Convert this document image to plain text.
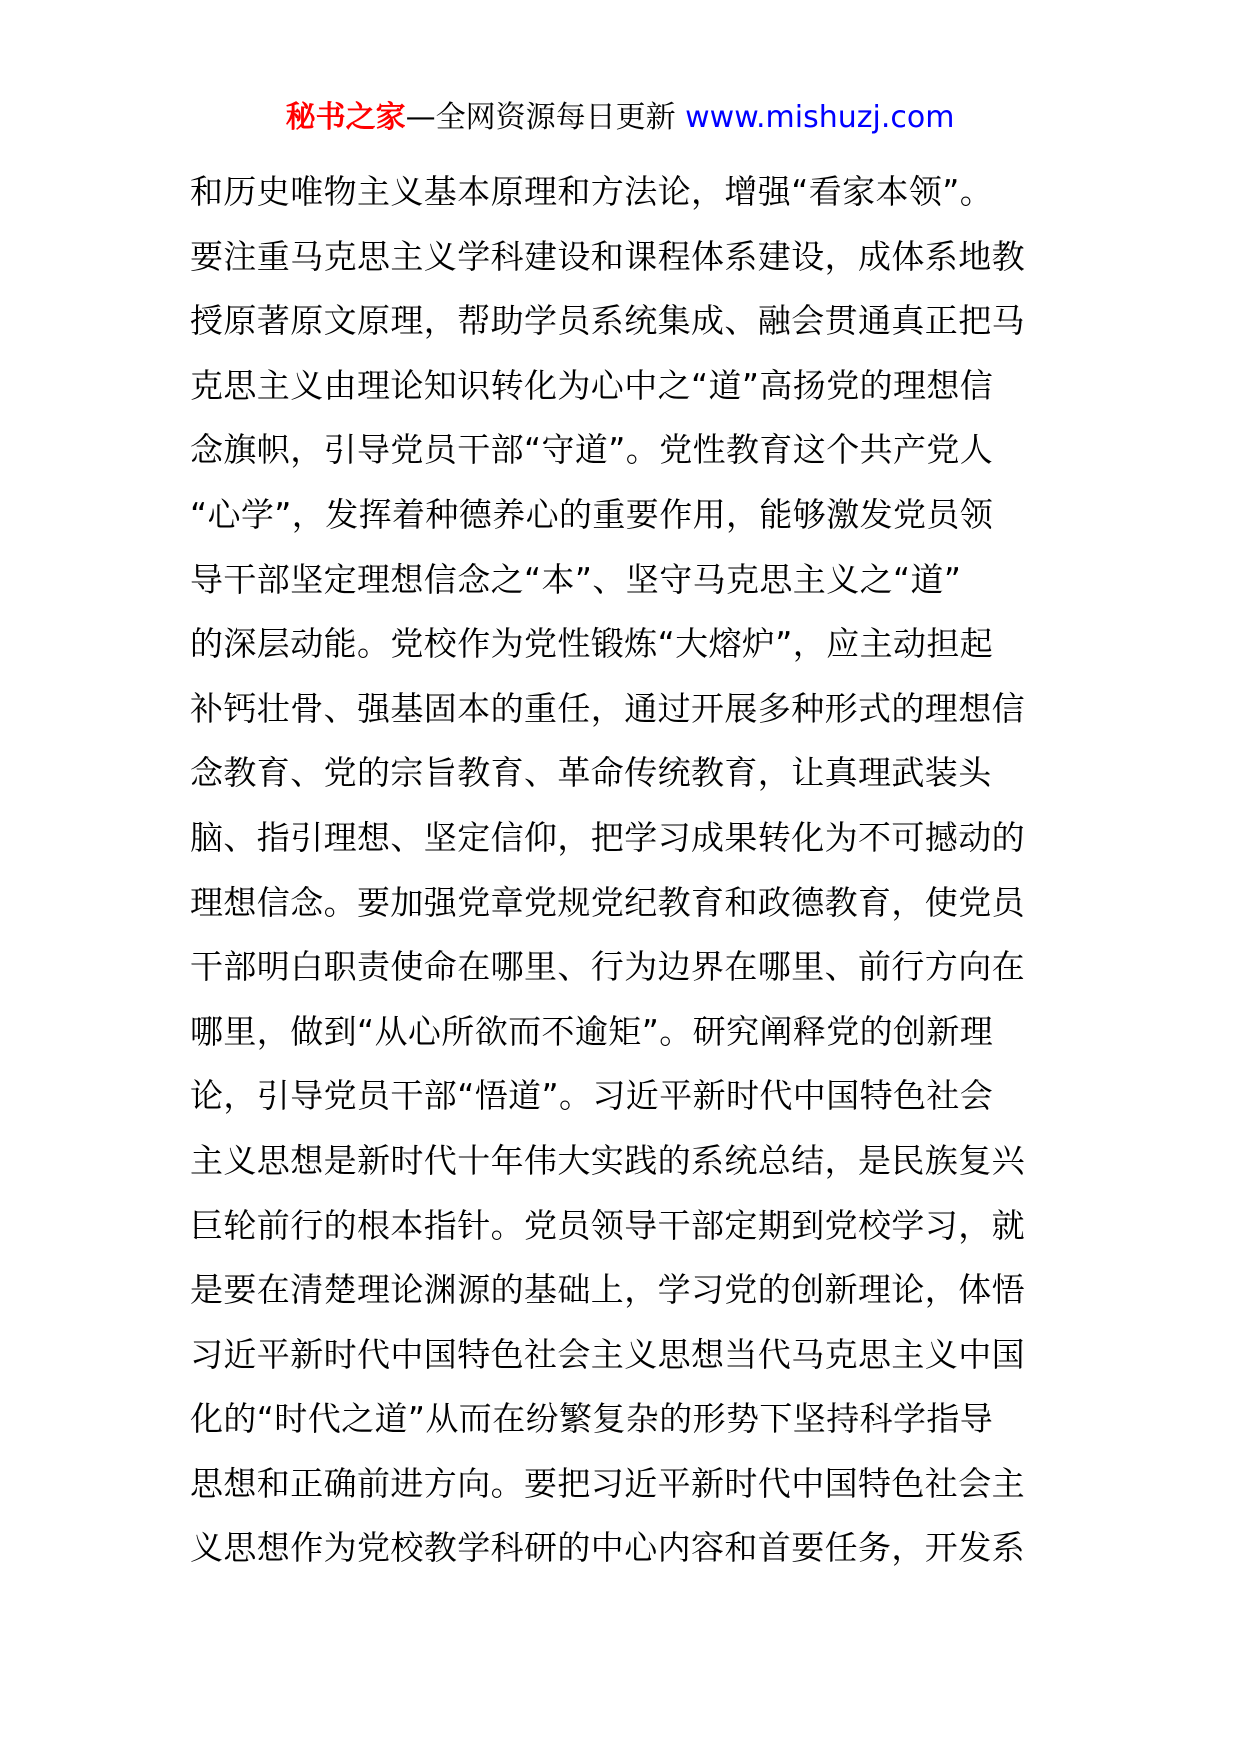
秘书之家—全网资源每日更新 www.mishuzj.com
和历史唯物主义基本原理和方法论，增强“看家本领”。
要注重马克思主义学科建设和课程体系建设，成体系地教
授原著原文原理，帮助学员系统集成、融会贯通真正把马
克思主义由理论知识转化为心中之“道”高扬党的理想信
念旗帜，引导党员干部“守道”。党性教育这个共产党人
“心学”，发挥着种德养心的重要作用，能够激发党员领
导干部坚定理想信念之“本”、坚守马克思主义之“道”
的深层动能。党校作为党性锻炼“大熔炉”，应主动担起
补钙壮骨、强基固本的重任，通过开展多种形式的理想信
念教育、党的宗旨教育、革命传统教育，让真理武装头
脑、指引理想、坚定信仰，把学习成果转化为不可撼动的
理想信念。要加强党章党规党纪教育和政德教育，使党员
干部明白职责使命在哪里、行为边界在哪里、前行方向在
哪里，做到“从心所欲而不逾矩”。研究阐释党的创新理
论，引导党员干部“悟道”。习近平新时代中国特色社会
主义思想是新时代十年伟大实践的系统总结，是民族复兴
巨轮前行的根本指针。党员领导干部定期到党校学习，就
是要在清楚理论渊源的基础上，学习党的创新理论，体悟
习近平新时代中国特色社会主义思想当代马克思主义中国
化的“时代之道”从而在纷繁复杂的形势下坚持科学指导
思想和正确前进方向。要把习近平新时代中国特色社会主
义思想作为党校教学科研的中心内容和首要任务，开发系
